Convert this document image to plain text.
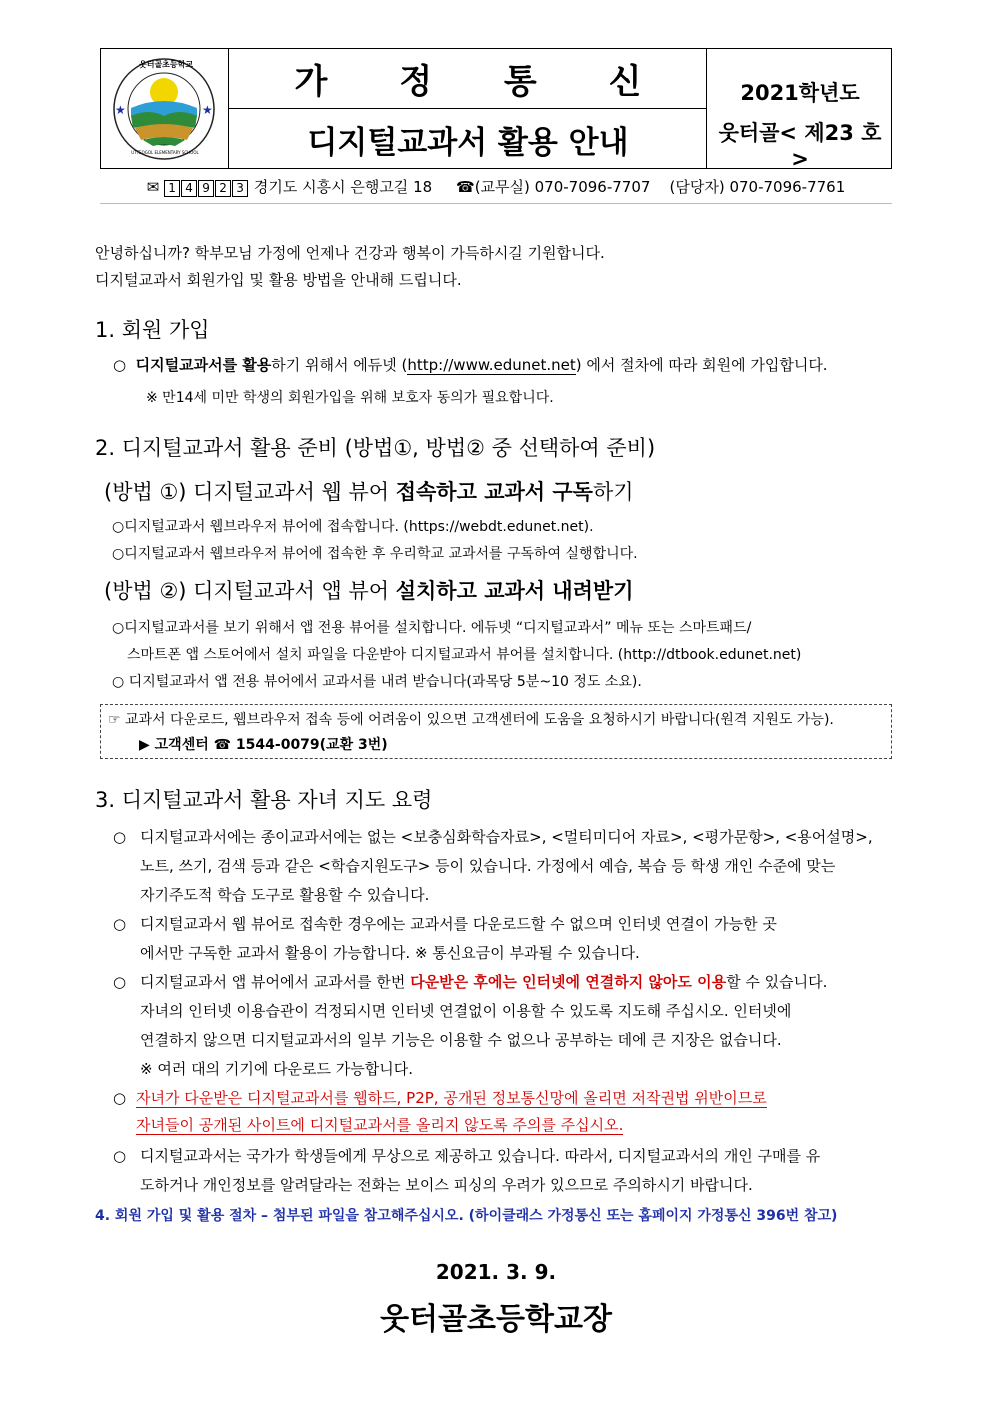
★	★
웃터골초등학교
UTTEOGOL ELEMENTARY SCHOOL
가 정 통 신
디지털교과서 활용 안내
2021학년도
웃터골< 제23 호 >
✉ 1 4 9 2 3 경기도 시흥시 은행고길 18 ☎(교무실) 070-7096-7707 (담당자) 070-7096-7761
안녕하십니까? 학부모님 가정에 언제나 건강과 행복이 가득하시길 기원합니다.
디지털교과서 회원가입 및 활용 방법을 안내해 드립니다.
1. 회원 가입
○ 디지털교과서를 활용하기 위해서 에듀넷 (http://www.edunet.net) 에서 절차에 따라 회원에 가입합니다.
※ 만14세 미만 학생의 회원가입을 위해 보호자 동의가 필요합니다.
2. 디지털교과서 활용 준비 (방법①, 방법② 중 선택하여 준비)
(방법 ①) 디지털교과서 웹 뷰어 접속하고 교과서 구독하기
○디지털교과서 웹브라우저 뷰어에 접속합니다. (https://webdt.edunet.net).
○디지털교과서 웹브라우저 뷰어에 접속한 후 우리학교 교과서를 구독하여 실행합니다.
(방법 ②) 디지털교과서 앱 뷰어 설치하고 교과서 내려받기
○디지털교과서를 보기 위해서 앱 전용 뷰어를 설치합니다. 에듀넷 “디지털교과서” 메뉴 또는 스마트패드/
스마트폰 앱 스토어에서 설치 파일을 다운받아 디지털교과서 뷰어를 설치합니다. (http://dtbook.edunet.net)
○ 디지털교과서 앱 전용 뷰어에서 교과서를 내려 받습니다(과목당 5분~10 정도 소요).
☞ 교과서 다운로드, 웹브라우저 접속 등에 어려움이 있으면 고객센터에 도움을 요청하시기 바랍니다(원격 지원도 가능).
▶ 고객센터 ☎ 1544-0079(교환 3번)
3. 디지털교과서 활용 자녀 지도 요령
○ 디지털교과서에는 종이교과서에는 없는 <보충심화학습자료>, <멀티미디어 자료>, <평가문항>, <용어설명>,
노트, 쓰기, 검색 등과 같은 <학습지원도구> 등이 있습니다. 가정에서 예습, 복습 등 학생 개인 수준에 맞는
자기주도적 학습 도구로 활용할 수 있습니다.
○ 디지털교과서 웹 뷰어로 접속한 경우에는 교과서를 다운로드할 수 없으며 인터넷 연결이 가능한 곳
에서만 구독한 교과서 활용이 가능합니다. ※ 통신요금이 부과될 수 있습니다.
○ 디지털교과서 앱 뷰어에서 교과서를 한번 다운받은 후에는 인터넷에 연결하지 않아도 이용할 수 있습니다.
자녀의 인터넷 이용습관이 걱정되시면 인터넷 연결없이 이용할 수 있도록 지도해 주십시오. 인터넷에
연결하지 않으면 디지털교과서의 일부 기능은 이용할 수 없으나 공부하는 데에 큰 지장은 없습니다.
※ 여러 대의 기기에 다운로드 가능합니다.
○ 자녀가 다운받은 디지털교과서를 웹하드, P2P, 공개된 정보통신망에 올리면 저작권법 위반이므로
자녀들이 공개된 사이트에 디지털교과서를 올리지 않도록 주의를 주십시오.
○ 디지털교과서는 국가가 학생들에게 무상으로 제공하고 있습니다. 따라서, 디지털교과서의 개인 구매를 유
도하거나 개인정보를 알려달라는 전화는 보이스 피싱의 우려가 있으므로 주의하시기 바랍니다.
4. 회원 가입 및 활용 절차 – 첨부된 파일을 참고해주십시오. (하이클래스 가정통신 또는 홈페이지 가정통신 396번 참고)
2021. 3. 9.
웃터골초등학교장
